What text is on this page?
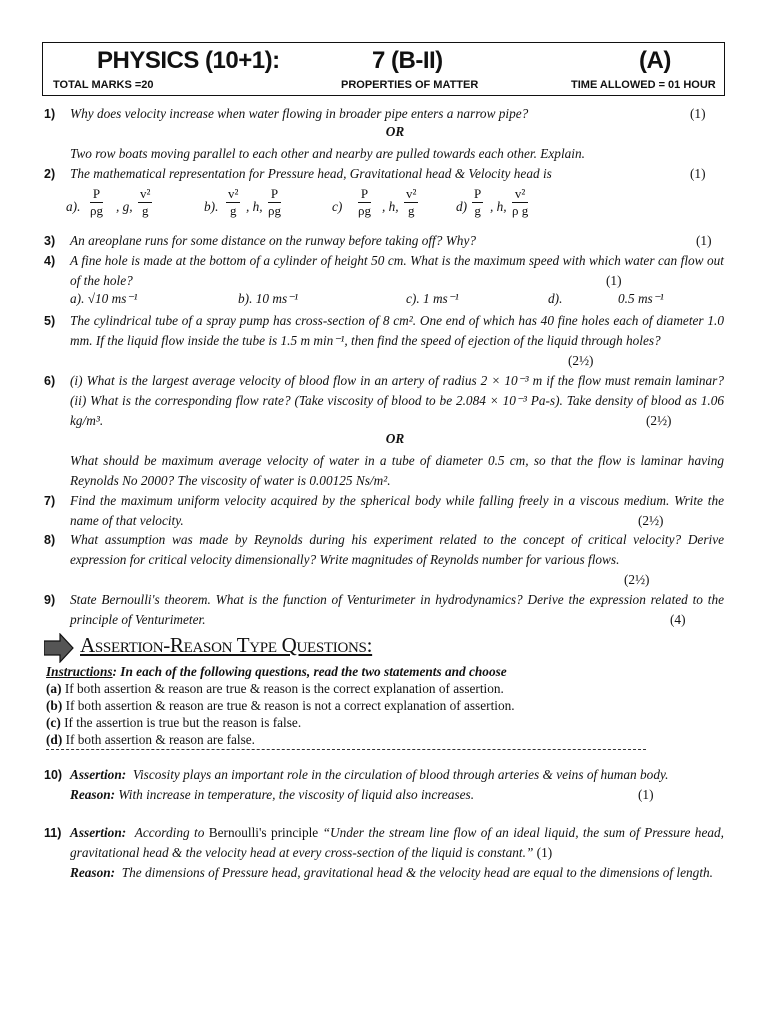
PHYSICS (10+1):	7 (B-II)	(A)
TOTAL MARKS =20	PROPERTIES OF MATTER	TIME ALLOWED = 01 HOUR
1) Why does velocity increase when water flowing in broader pipe enters a narrow pipe?	(1)
OR
Two row boats moving parallel to each other and nearby are pulled towards each other. Explain.
2) The mathematical representation for Pressure head, Gravitational head & Velocity head is	(1)
a). $\frac{P}{\rho g}$ , g, $\frac{\text{v²}}{g}$	b). $\frac{\text{v²}}{g}$ , h, $\frac{P}{\rho g}$	$c) \frac{P}{\rho g}$ , h, $\frac{\text{v²}}{g}$	$d) \frac{P}{g}$ , h, $\frac{\text{v²}}{\text{ρ g}}$
3) An areoplane runs for some distance on the runway before taking off? Why?	(1)
4) A fine hole is made at the bottom of a cylinder of height 50 cm. What is the maximum speed with which water can flow out of the hole?	(1)
a). √10 ms⁻¹	b). 10 ms⁻¹	c). 1 ms⁻¹	d).	0.5 ms⁻¹
5) The cylindrical tube of a spray pump has cross-section of 8 cm². One end of which has 40 fine holes each of diameter 1.0 mm. If the liquid flow inside the tube is 1.5 m min⁻¹, then find the speed of ejection of the liquid through holes?
(2½)
6) (i) What is the largest average velocity of blood flow in an artery of radius 2 × 10⁻³ m if the flow must remain laminar? (ii) What is the corresponding flow rate? (Take viscosity of blood to be 2.084 × 10⁻³ Pa-s). Take density of blood as 1.06 kg/m³.	(2½)
OR
What should be maximum average velocity of water in a tube of diameter 0.5 cm, so that the flow is laminar having Reynolds No 2000? The viscosity of water is 0.00125 Ns/m².
7) Find the maximum uniform velocity acquired by the spherical body while falling freely in a viscous medium. Write the name of that velocity.	(2½)
8) What assumption was made by Reynolds during his experiment related to the concept of critical velocity? Derive expression for critical velocity dimensionally? Write magnitudes of Reynolds number for various flows.
(2½)
9) State Bernoulli's theorem. What is the function of Venturimeter in hydrodynamics? Derive the expression related to the principle of Venturimeter.	(4)
Assertion-Reason Type Questions:
Instructions: In each of the following questions, read the two statements and choose
(a) If both assertion & reason are true & reason is the correct explanation of assertion.
(b) If both assertion & reason are true & reason is not a correct explanation of assertion.
(c) If the assertion is true but the reason is false.
(d) If both assertion & reason are false.
10) Assertion: Viscosity plays an important role in the circulation of blood through arteries & veins of human body.
(1)
Reason: With increase in temperature, the viscosity of liquid also increases.
11) Assertion: According to Bernoulli's principle “Under the stream line flow of an ideal liquid, the sum of Pressure head, gravitational head & the velocity head at every cross-section of the liquid is constant.” (1)
Reason: The dimensions of Pressure head, gravitational head & the velocity head are equal to the dimensions of length.
